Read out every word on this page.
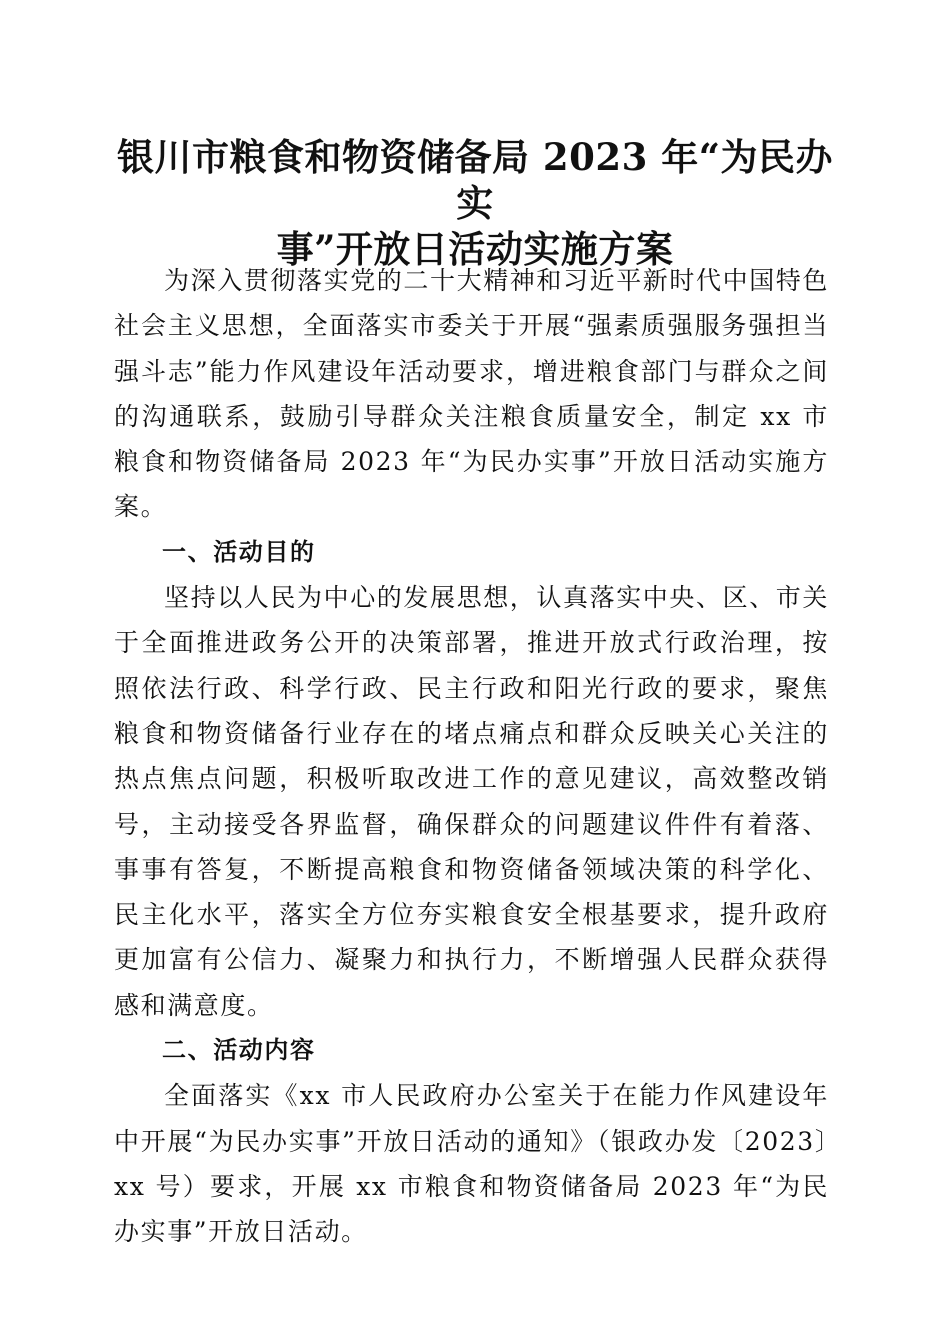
银川市粮食和物资储备局 2023 年“为民办实
事”开放日活动实施方案

为深入贯彻落实党的二十大精神和习近平新时代中国特色社会主义思想，全面落实市委关于开展“强素质强服务强担当强斗志”能力作风建设年活动要求，增进粮食部门与群众之间的沟通联系，鼓励引导群众关注粮食质量安全，制定 xx 市粮食和物资储备局 2023 年“为民办实事”开放日活动实施方案。

一、活动目的

坚持以人民为中心的发展思想，认真落实中央、区、市关于全面推进政务公开的决策部署，推进开放式行政治理，按照依法行政、科学行政、民主行政和阳光行政的要求，聚焦粮食和物资储备行业存在的堵点痛点和群众反映关心关注的热点焦点问题，积极听取改进工作的意见建议，高效整改销号，主动接受各界监督，确保群众的问题建议件件有着落、事事有答复，不断提高粮食和物资储备领域决策的科学化、民主化水平，落实全方位夯实粮食安全根基要求，提升政府更加富有公信力、凝聚力和执行力，不断增强人民群众获得感和满意度。

二、活动内容

全面落实《xx 市人民政府办公室关于在能力作风建设年中开展“为民办实事”开放日活动的通知》（银政办发〔2023〕xx 号）要求，开展 xx 市粮食和物资储备局 2023 年“为民办实事”开放日活动。
